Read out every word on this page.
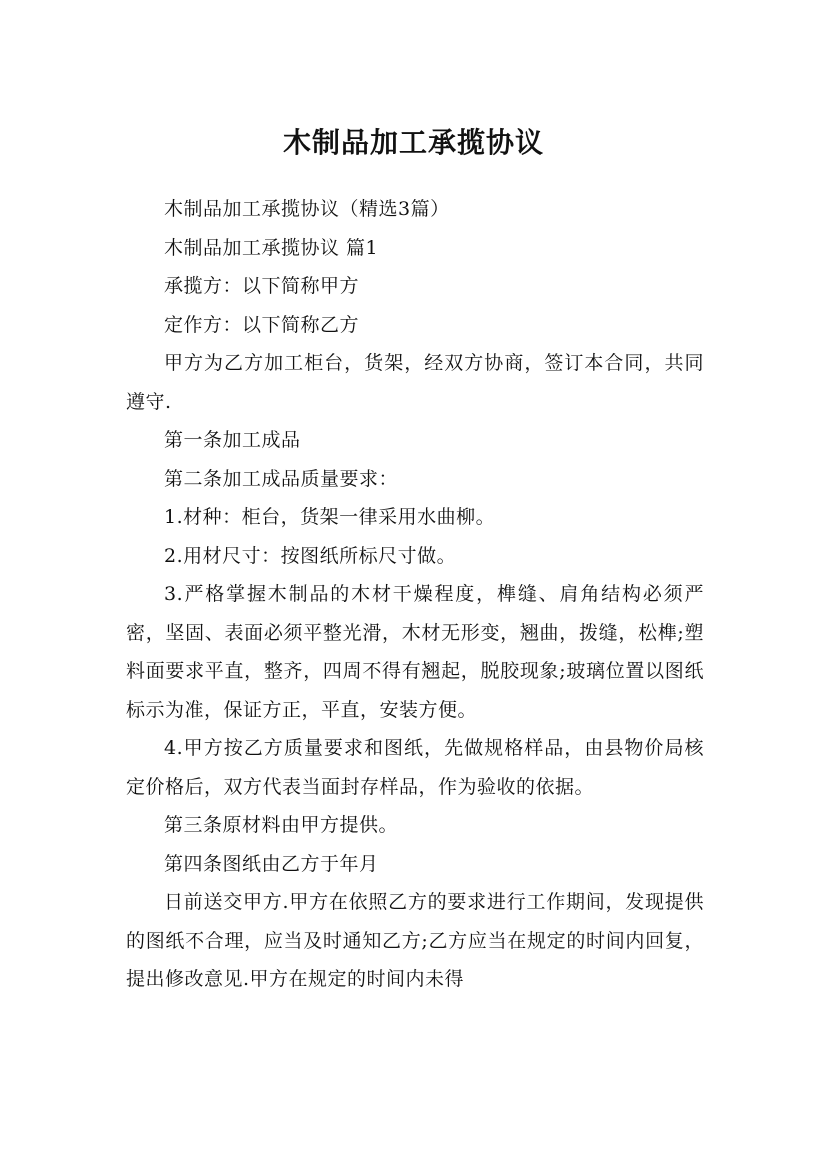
木制品加工承揽协议

木制品加工承揽协议（精选3篇）

木制品加工承揽协议 篇1

承揽方：以下简称甲方

定作方：以下简称乙方

甲方为乙方加工柜台，货架，经双方协商，签订本合同，共同遵守.

第一条加工成品

第二条加工成品质量要求：

1.材种：柜台，货架一律采用水曲柳。

2.用材尺寸：按图纸所标尺寸做。

3.严格掌握木制品的木材干燥程度，榫缝、肩角结构必须严密，坚固、表面必须平整光滑，木材无形变，翘曲，拨缝，松榫;塑料面要求平直，整齐，四周不得有翘起，脱胶现象;玻璃位置以图纸标示为准，保证方正，平直，安装方便。

4.甲方按乙方质量要求和图纸，先做规格样品，由县物价局核定价格后，双方代表当面封存样品，作为验收的依据。

第三条原材料由甲方提供。

第四条图纸由乙方于年月

日前送交甲方.甲方在依照乙方的要求进行工作期间，发现提供的图纸不合理，应当及时通知乙方;乙方应当在规定的时间内回复，提出修改意见.甲方在规定的时间内未得
